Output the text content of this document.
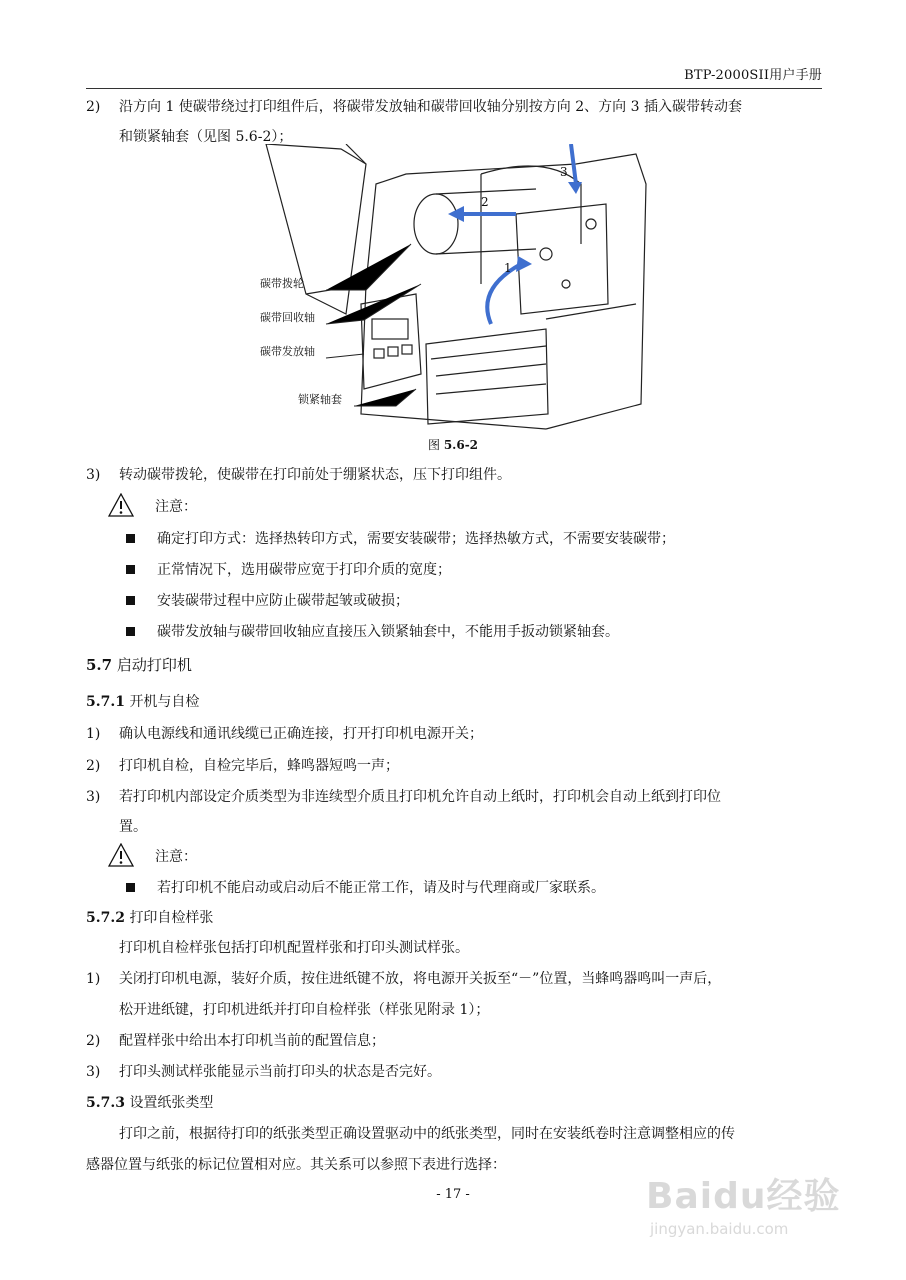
BTP-2000SII用户手册
2)	沿方向 1 使碳带绕过打印组件后，将碳带发放轴和碳带回收轴分别按方向 2、方向 3 插入碳带转动套
和锁紧轴套（见图 5.6-2）；
1
2
3
碳带拨轮
碳带回收轴
碳带发放轴
锁紧轴套
图 5.6-2
3)	转动碳带拨轮，使碳带在打印前处于绷紧状态，压下打印组件。
注意：
确定打印方式：选择热转印方式，需要安装碳带；选择热敏方式，不需要安装碳带；
正常情况下，选用碳带应宽于打印介质的宽度；
安装碳带过程中应防止碳带起皱或破损；
碳带发放轴与碳带回收轴应直接压入锁紧轴套中，不能用手扳动锁紧轴套。
5.7 启动打印机
5.7.1 开机与自检
1)	确认电源线和通讯线缆已正确连接，打开打印机电源开关；
2)	打印机自检，自检完毕后，蜂鸣器短鸣一声；
3)	若打印机内部设定介质类型为非连续型介质且打印机允许自动上纸时，打印机会自动上纸到打印位
置。
注意：
若打印机不能启动或启动后不能正常工作，请及时与代理商或厂家联系。
5.7.2 打印自检样张
打印机自检样张包括打印机配置样张和打印头测试样张。
1)	关闭打印机电源，装好介质，按住进纸键不放，将电源开关扳至“－”位置，当蜂鸣器鸣叫一声后，
松开进纸键，打印机进纸并打印自检样张（样张见附录 1）；
2)	配置样张中给出本打印机当前的配置信息；
3)	打印头测试样张能显示当前打印头的状态是否完好。
5.7.3 设置纸张类型
打印之前，根据待打印的纸张类型正确设置驱动中的纸张类型，同时在安装纸卷时注意调整相应的传
感器位置与纸张的标记位置相对应。其关系可以参照下表进行选择：
- 17 -	Baidu经验
jingyan.baidu.com
